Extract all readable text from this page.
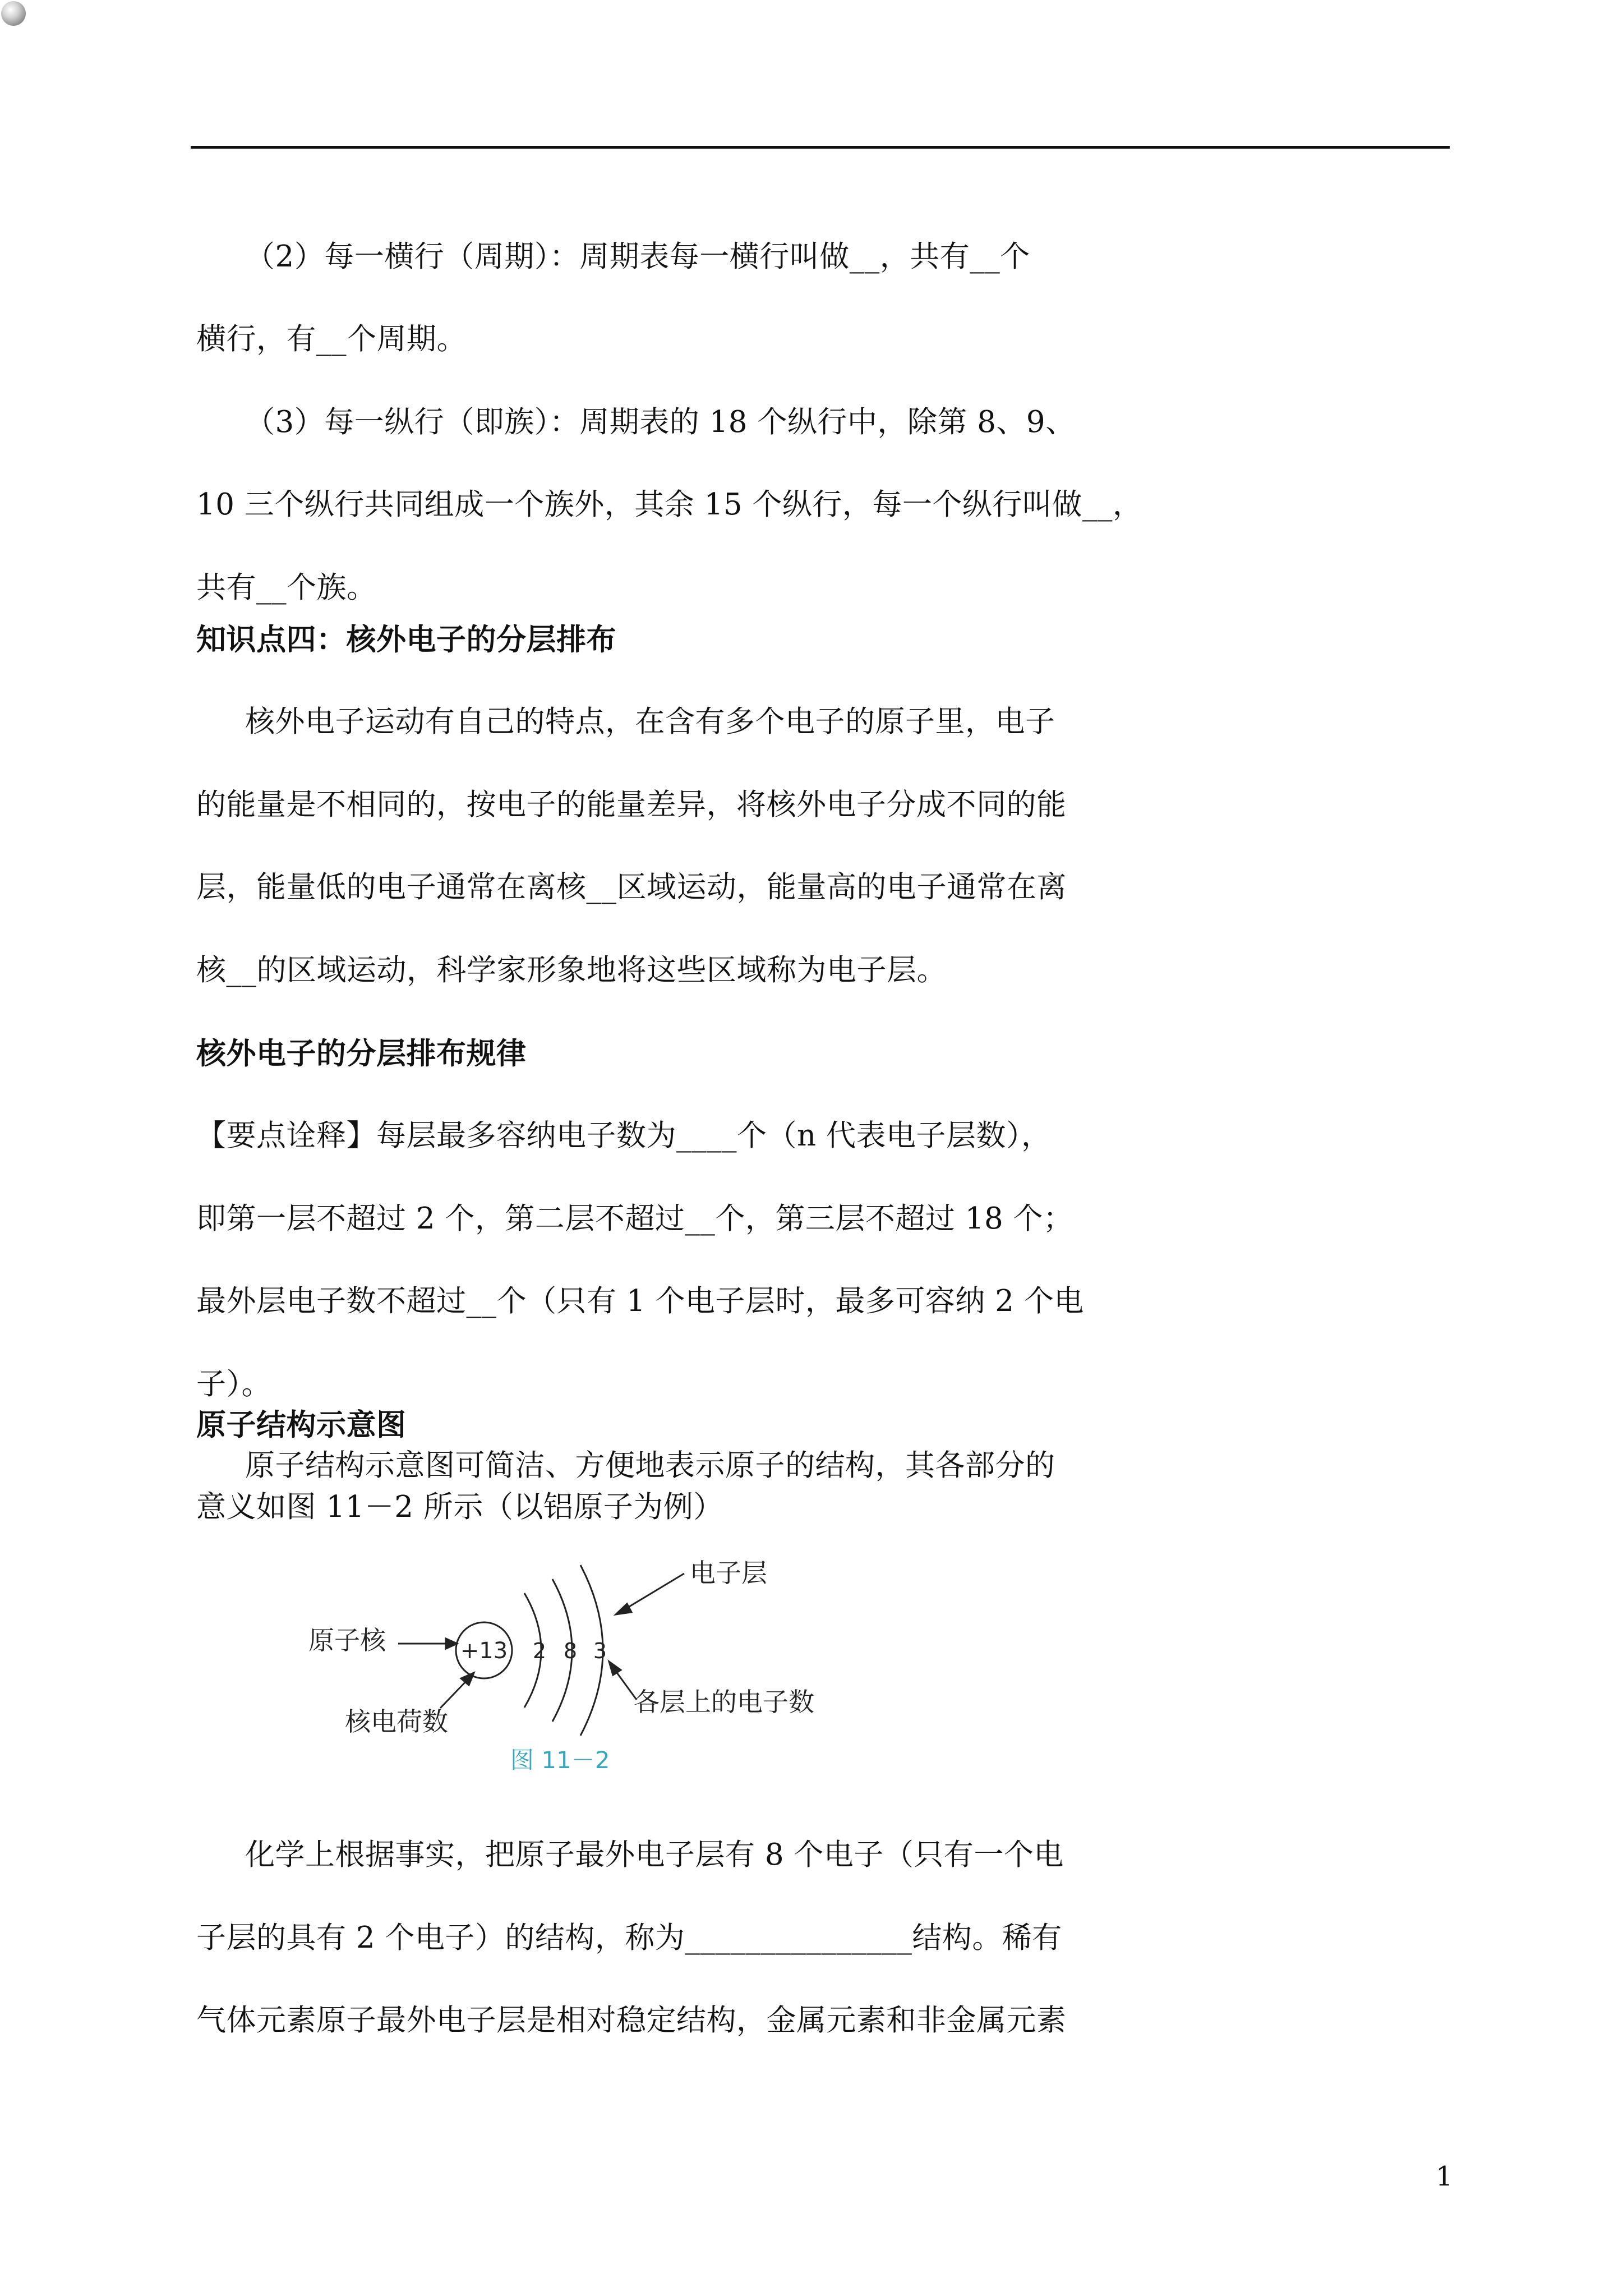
（2）每一横行（周期）：周期表每一横行叫做__，共有__个
横行，有__个周期。
（3）每一纵行（即族）：周期表的 18 个纵行中，除第 8、9、
10 三个纵行共同组成一个族外，其余 15 个纵行，每一个纵行叫做__，
共有__个族。
知识点四：核外电子的分层排布
核外电子运动有自己的特点，在含有多个电子的原子里，电子
的能量是不相同的，按电子的能量差异，将核外电子分成不同的能
层，能量低的电子通常在离核__区域运动，能量高的电子通常在离
核__的区域运动，科学家形象地将这些区域称为电子层。
核外电子的分层排布规律
【要点诠释】每层最多容纳电子数为____个（n 代表电子层数），
即第一层不超过 2 个，第二层不超过__个，第三层不超过 18 个；
最外层电子数不超过__个（只有 1 个电子层时，最多可容纳 2 个电
子）。
原子结构示意图
原子结构示意图可简洁、方便地表示原子的结构，其各部分的
意义如图 11－2 所示（以铝原子为例）
原子核
核电荷数
电子层
各层上的电子数
图 11－2
+13 2 8 3
化学上根据事实，把原子最外电子层有 8 个电子（只有一个电
子层的具有 2 个电子）的结构，称为_______________结构。稀有
气体元素原子最外电子层是相对稳定结构，金属元素和非金属元素
1
